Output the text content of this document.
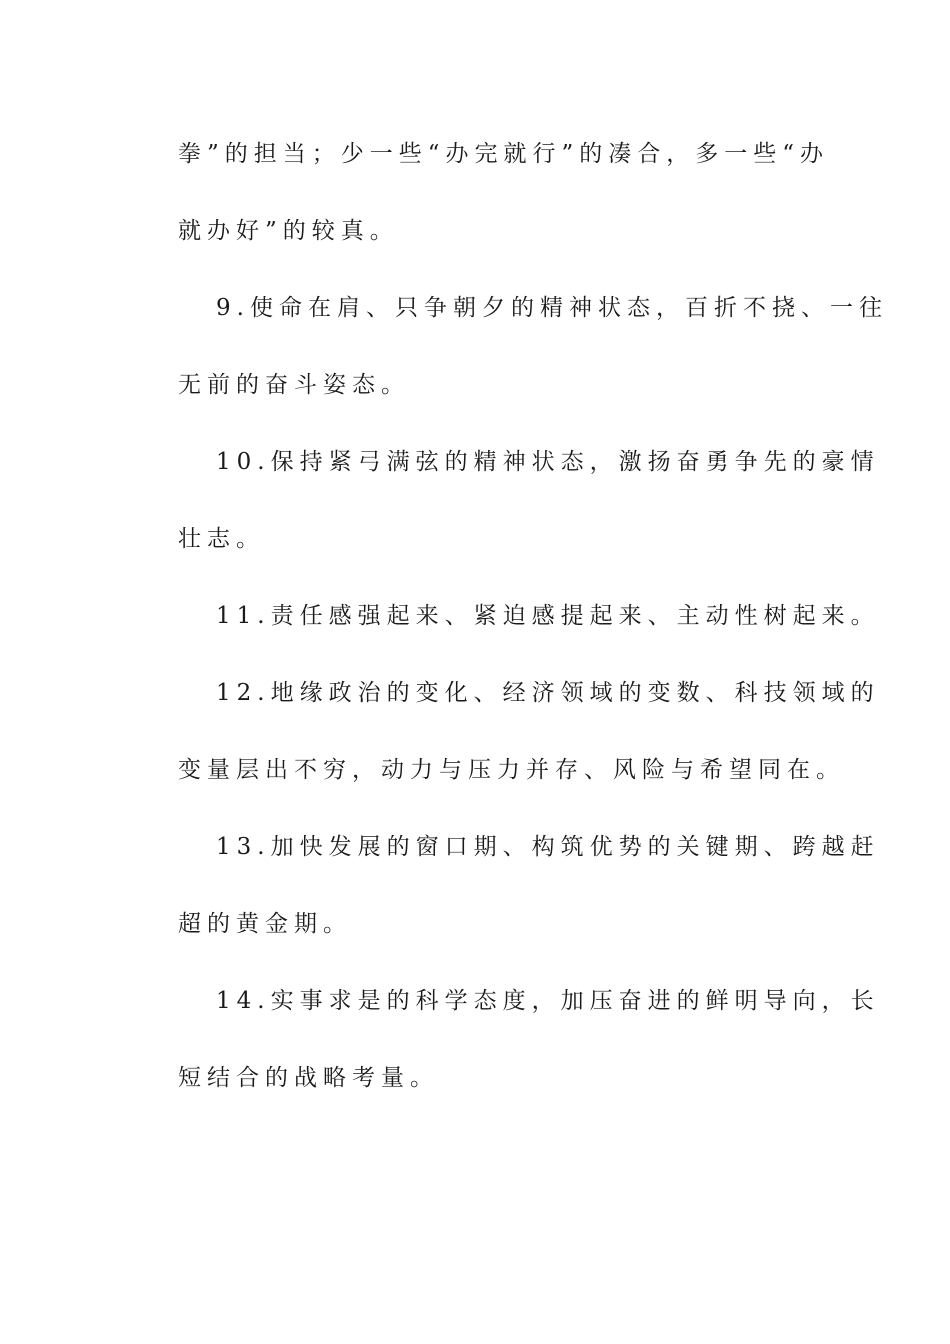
拳”的担当；少一些“办完就行”的凑合，多一些“办
就办好”的较真。
9.使命在肩、只争朝夕的精神状态，百折不挠、一往
无前的奋斗姿态。
10.保持紧弓满弦的精神状态，激扬奋勇争先的豪情
壮志。
11.责任感强起来、紧迫感提起来、主动性树起来。
12.地缘政治的变化、经济领域的变数、科技领域的
变量层出不穷，动力与压力并存、风险与希望同在。
13.加快发展的窗口期、构筑优势的关键期、跨越赶
超的黄金期。
14.实事求是的科学态度，加压奋进的鲜明导向，长
短结合的战略考量。
